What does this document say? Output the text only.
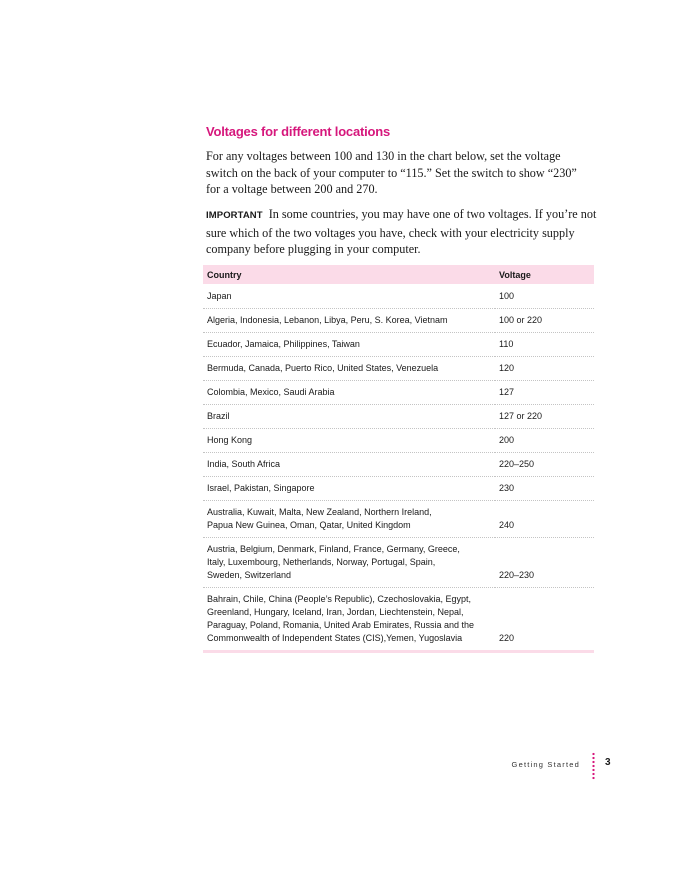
Voltages for different locations

For any voltages between 100 and 130 in the chart below, set the voltage
switch on the back of your computer to “115.” Set the switch to show “230”
for a voltage between 200 and 270.

IMPORTANT In some countries, you may have one of two voltages. If you’re not
sure which of the two voltages you have, check with your electricity supply
company before plugging in your computer.

Country	Voltage

Japan	100

Algeria, Indonesia, Lebanon, Libya, Peru, S. Korea, Vietnam	100 or 220

Ecuador, Jamaica, Philippines, Taiwan	110

Bermuda, Canada, Puerto Rico, United States, Venezuela	120

Colombia, Mexico, Saudi Arabia	127

Brazil	127 or 220

Hong Kong	200

India, South Africa	220–250

Israel, Pakistan, Singapore	230

Australia, Kuwait, Malta, New Zealand, Northern Ireland,
Papua New Guinea, Oman, Qatar, United Kingdom	240

Austria, Belgium, Denmark, Finland, France, Germany, Greece,
Italy, Luxembourg, Netherlands, Norway, Portugal, Spain,
Sweden, Switzerland	220–230

Bahrain, Chile, China (People’s Republic), Czechoslovakia, Egypt,
Greenland, Hungary, Iceland, Iran, Jordan, Liechtenstein, Nepal,
Paraguay, Poland, Romania, United Arab Emirates, Russia and the
Commonwealth of Independent States (CIS),Yemen, Yugoslavia	220
Getting Started	3
